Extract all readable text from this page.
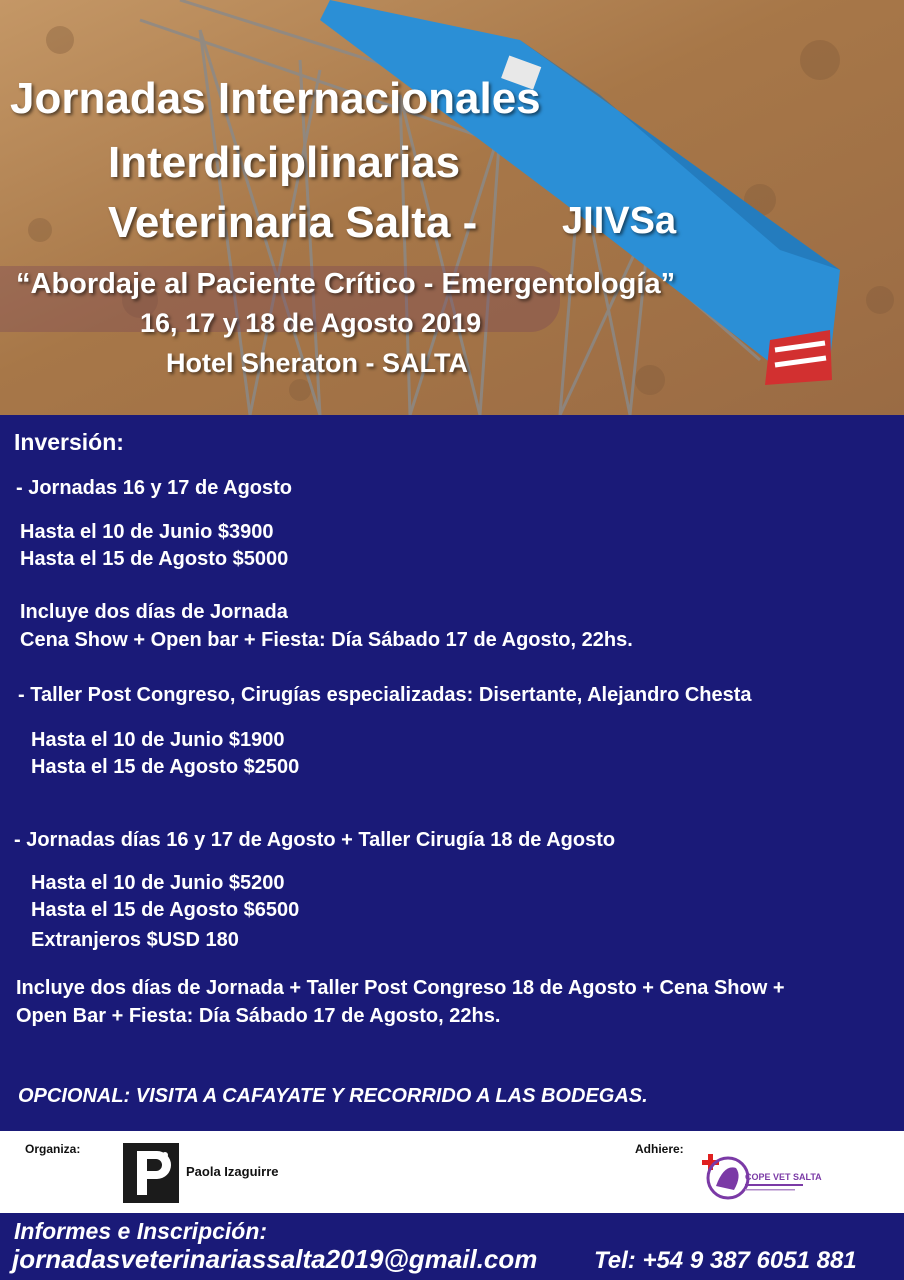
Jornadas Internacionales
Interdiciplinarias
Veterinaria Salta - JIIVSa
“Abordaje al Paciente Crítico - Emergentología”
16, 17 y 18 de Agosto 2019
Hotel Sheraton - SALTA
Inversión:
- Jornadas 16 y 17 de Agosto
Hasta el 10 de Junio $3900
Hasta el 15 de Agosto $5000
Incluye dos días de Jornada
Cena Show + Open bar + Fiesta: Día Sábado 17 de Agosto, 22hs.
- Taller Post Congreso, Cirugías especializadas: Disertante, Alejandro Chesta
Hasta el 10 de Junio $1900
Hasta el 15 de Agosto $2500
- Jornadas días 16 y 17 de Agosto + Taller Cirugía 18 de Agosto
Hasta el 10 de Junio $5200
Hasta el 15 de Agosto $6500
Extranjeros $USD 180
Incluye dos días de Jornada + Taller Post Congreso 18 de Agosto + Cena Show +
Open Bar + Fiesta: Día Sábado 17 de Agosto, 22hs.
OPCIONAL: VISITA A CAFAYATE Y RECORRIDO A LAS BODEGAS.
Organiza:
Paola Izaguirre
Adhiere:
COPE VET SALTA
Informes e Inscripción:
jornadasveterinariassalta2019@gmail.com Tel: +54 9 387 6051 881
